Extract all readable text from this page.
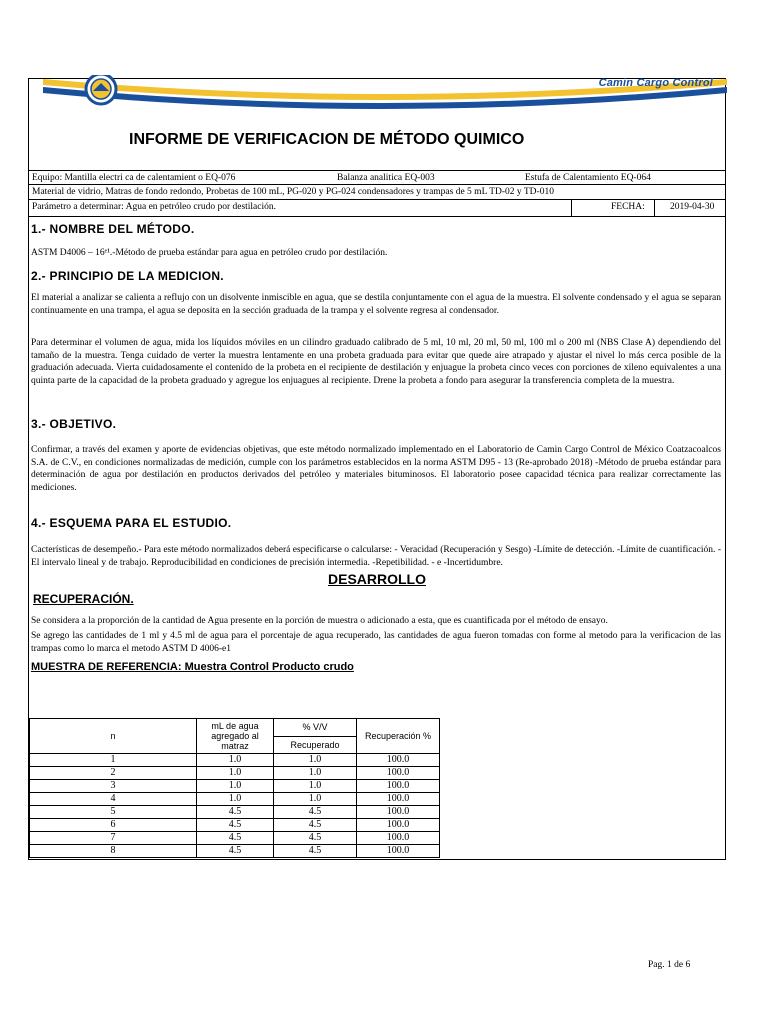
Camin Cargo Control
INFORME DE VERIFICACION DE MÉTODO QUIMICO
Equipo: Mantilla electri ca de calentamient o EQ-076	Balanza analitica EQ-003	Estufa de Calentamiento EQ-064
Material de vidrio, Matras de fondo redondo, Probetas de 100 mL, PG-020 y PG-024 condensadores y trampas de 5 mL TD-02 y TD-010
Parámetro a determinar: Agua en petróleo crudo por destilación.	FECHA:	2019-04-30
1.- NOMBRE DEL MÉTODO.

ASTM D4006 – 16ᵉ¹.-Método de prueba estándar para agua en petróleo crudo por destilación.

2.- PRINCIPIO DE LA MEDICION.

El material a analizar se calienta a reflujo con un disolvente inmiscible en agua, que se destila conjuntamente con el agua de la muestra. El solvente condensado y el agua se separan continuamente en una trampa, el agua se deposita en la sección graduada de la trampa y el solvente regresa al condensador.

Para determinar el volumen de agua, mida los líquidos móviles en un cilindro graduado calibrado de 5 ml, 10 ml, 20 ml, 50 ml, 100 ml o 200 ml (NBS Clase A) dependiendo del tamaño de la muestra. Tenga cuidado de verter la muestra lentamente en una probeta graduada para evitar que quede aire atrapado y ajustar el nivel lo más cerca posible de la graduación adecuada. Vierta cuidadosamente el contenido de la probeta en el recipiente de destilación y enjuague la probeta cinco veces con porciones de xileno equivalentes a una quinta parte de la capacidad de la probeta graduado y agregue los enjuagues al recipiente. Drene la probeta a fondo para asegurar la transferencia completa de la muestra.

3.- OBJETIVO.

Confirmar, a través del examen y aporte de evidencias objetivas, que este método normalizado implementado en el Laboratorio de Camin Cargo Control de México Coatzacoalcos S.A. de C.V., en condiciones normalizadas de medición, cumple con los parámetros establecidos en la norma ASTM D95 - 13 (Re-aprobado 2018) -Método de prueba estándar para determinación de agua por destilación en productos derivados del petróleo y materiales bituminosos. El laboratorio posee capacidad técnica para realizar correctamente las mediciones.

4.- ESQUEMA PARA EL ESTUDIO.

Cacterísticas de desempeño.- Para este método normalizados deberá especificarse o calcularse: - Veracidad (Recuperación y Sesgo) -Límite de detección. -Límite de cuantificación. -El intervalo lineal y de trabajo. Reproducibilidad en condiciones de precisión intermedia. -Repetibilidad. - e -Incertidumbre.

DESARROLLO
RECUPERACIÓN.

Se considera a la proporción de la cantidad de Agua presente en la porción de muestra o adicionado a esta, que es cuantificada por el método de ensayo.

Se agrego las cantidades de 1 ml y 4.5 ml de agua para el porcentaje de agua recuperado, las cantidades de agua fueron tomadas con forme al metodo para la verificacion de las trampas como lo marca el metodo ASTM D 4006-e1

MUESTRA DE REFERENCIA: Muestra Control Producto crudo
n	mL de agua agregado al matraz	% V/V	Recuperación %
		Recuperado	
1	1.0	1.0	100.0
2	1.0	1.0	100.0
3	1.0	1.0	100.0
4	1.0	1.0	100.0
5	4.5	4.5	100.0
6	4.5	4.5	100.0
7	4.5	4.5	100.0
8	4.5	4.5	100.0
Pag. 1 de 6
